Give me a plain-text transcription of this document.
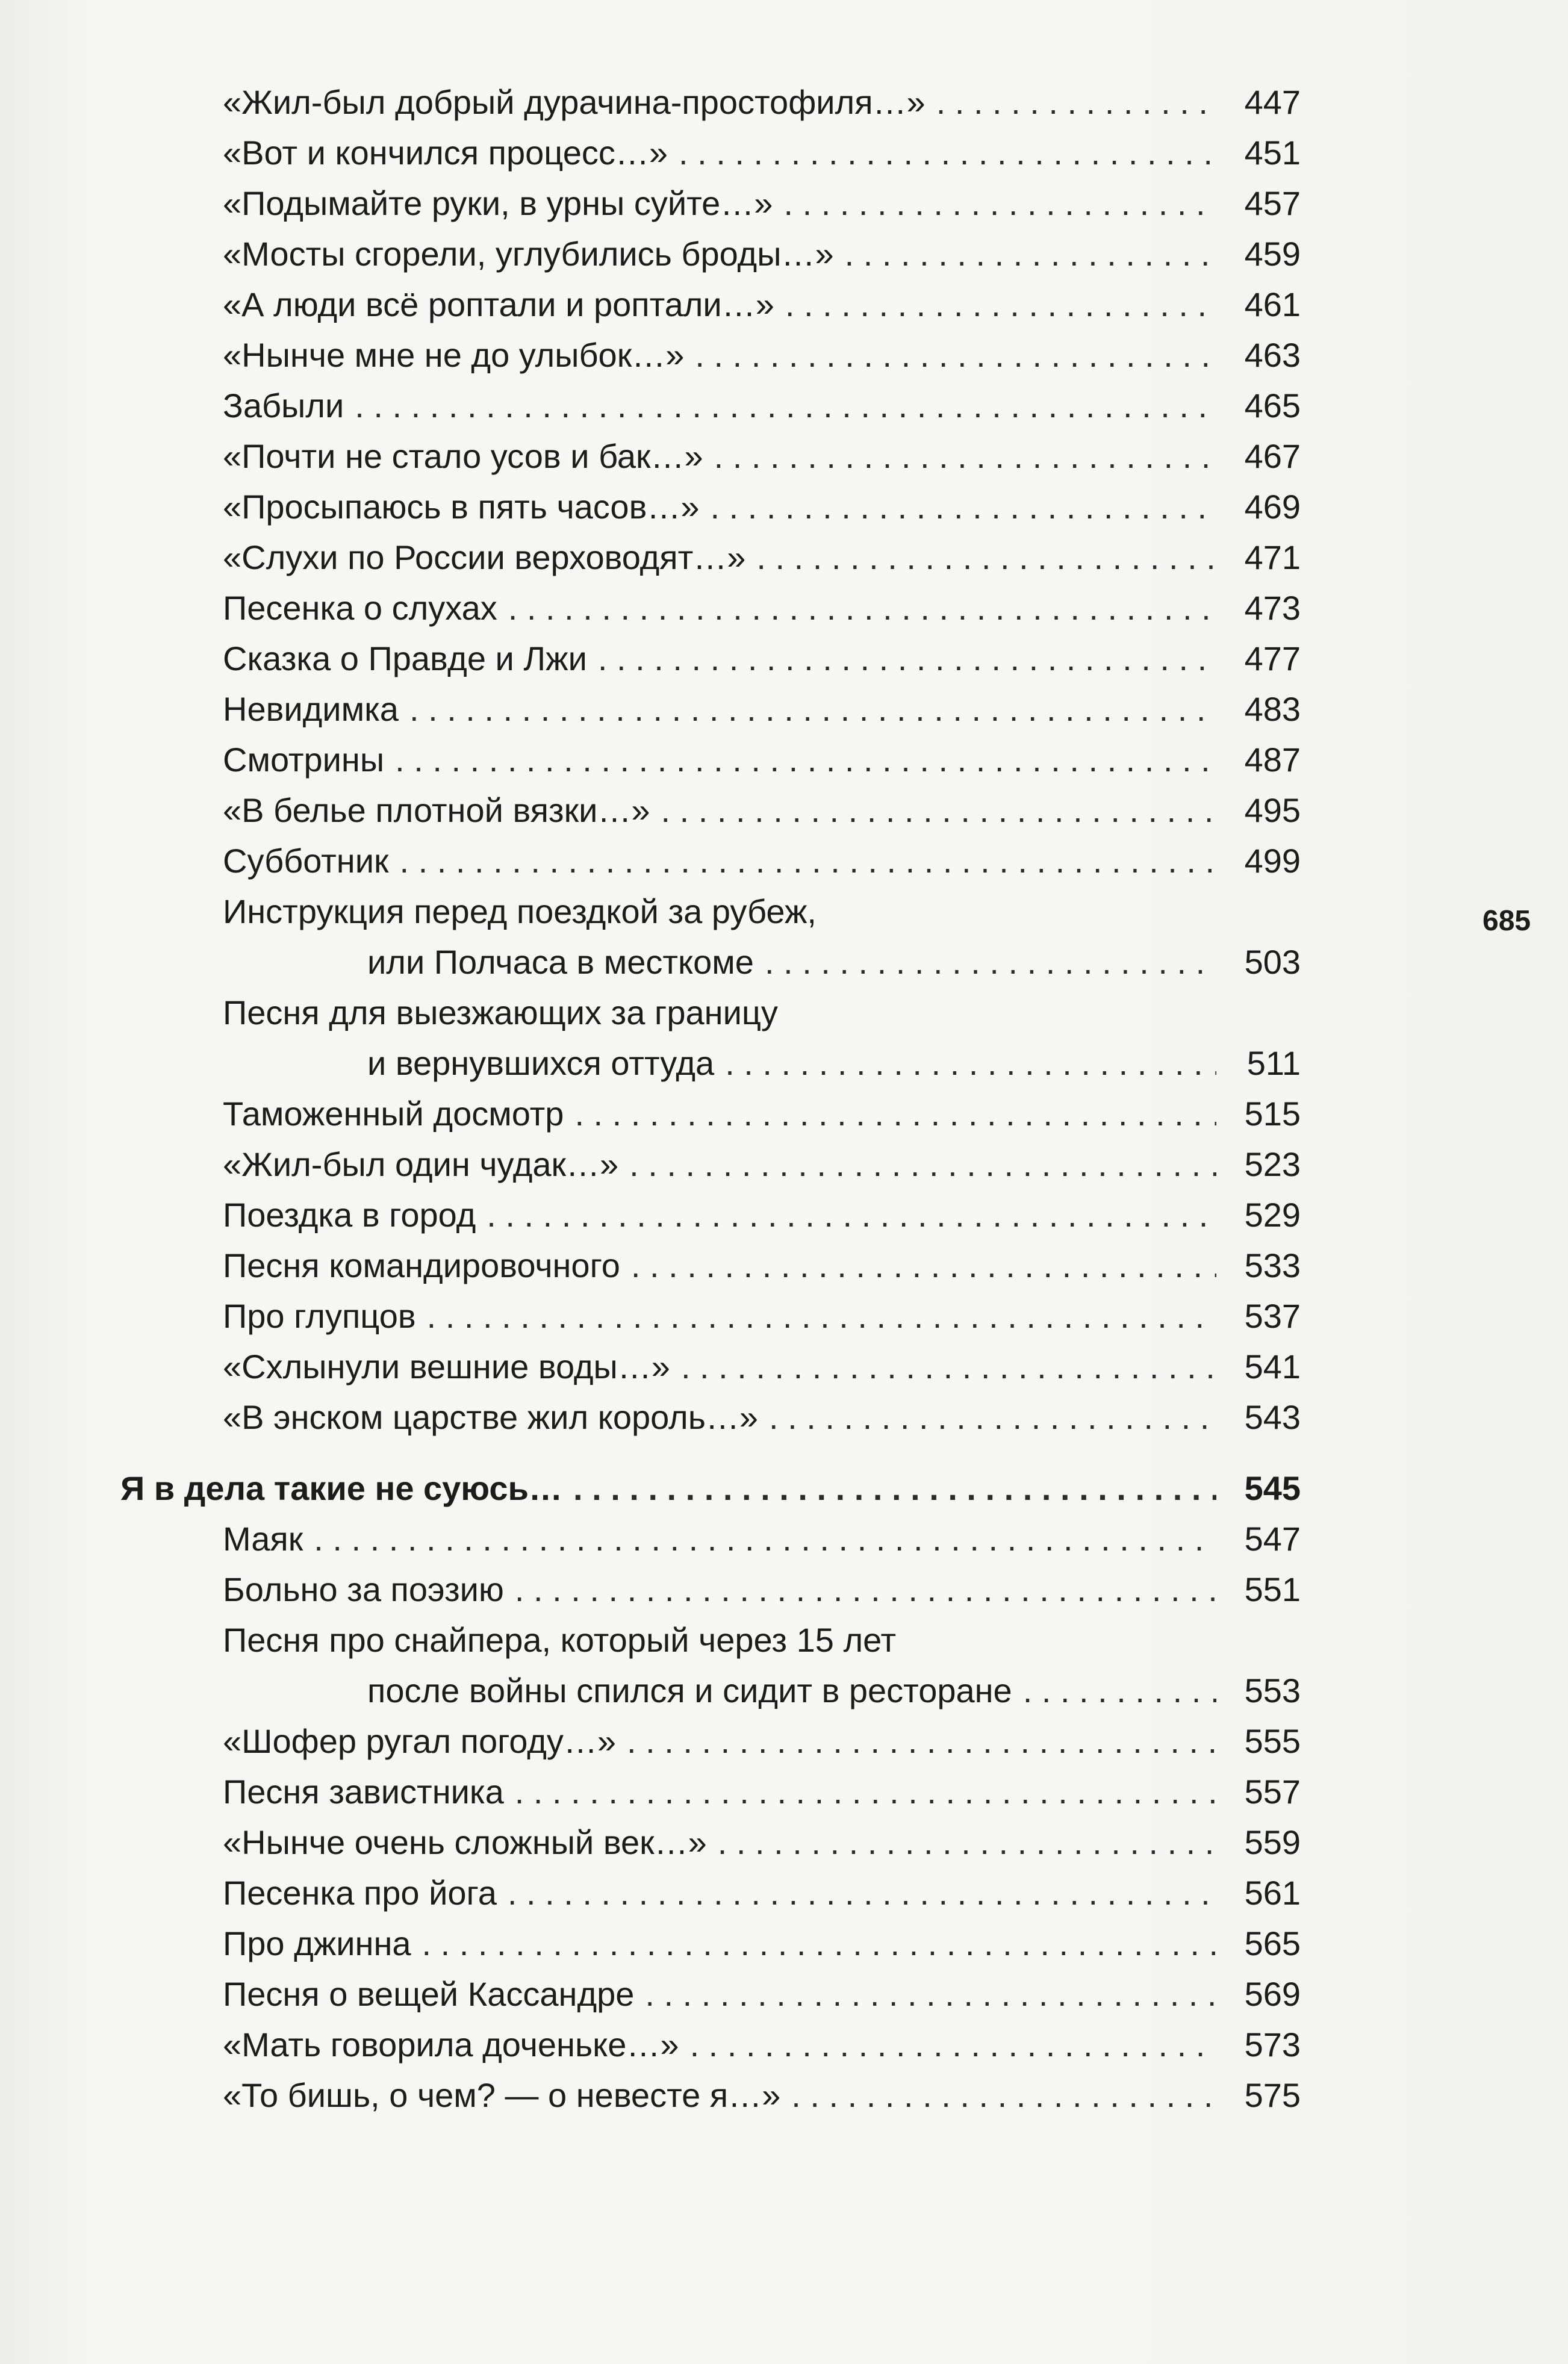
«Жил-был добрый дурачина-простофиля…» . . .	447
«Вот и кончился процесс…» . . .	451
«Подымайте руки, в урны суйте…» . . .	457
«Мосты сгорели, углубились броды…» . . .	459
«А люди всё роптали и роптали…» . . .	461
«Нынче мне не до улыбок…» . . .	463
Забыли . . .	465
«Почти не стало усов и бак…» . . .	467
«Просыпаюсь в пять часов…» . . .	469
«Слухи по России верховодят…» . . .	471
Песенка о слухах . . .	473
Сказка о Правде и Лжи . . .	477
Невидимка . . .	483
Смотрины . . .	487
«В белье плотной вязки…» . . .	495
Субботник . . .	499
Инструкция перед поездкой за рубеж,
или Полчаса в месткоме . . .	503
Песня для выезжающих за границу
и вернувшихся оттуда . . .	511
Таможенный досмотр . . .	515
«Жил-был один чудак…» . . .	523
Поездка в город . . .	529
Песня командировочного . . .	533
Про глупцов . . .	537
«Схлынули вешние воды…» . . .	541
«В энском царстве жил король…» . . .	543
Я в дела такие не суюсь… . . .	545
Маяк . . .	547
Больно за поэзию . . .	551
Песня про снайпера, который через 15 лет
после войны спился и сидит в ресторане . . .	553
«Шофер ругал погоду…» . . .	555
Песня завистника . . .	557
«Нынче очень сложный век…» . . .	559
Песенка про йога . . .	561
Про джинна . . .	565
Песня о вещей Кассандре . . .	569
«Мать говорила доченьке…» . . .	573
«То бишь, о чем? — о невесте я…» . . .	575
685
